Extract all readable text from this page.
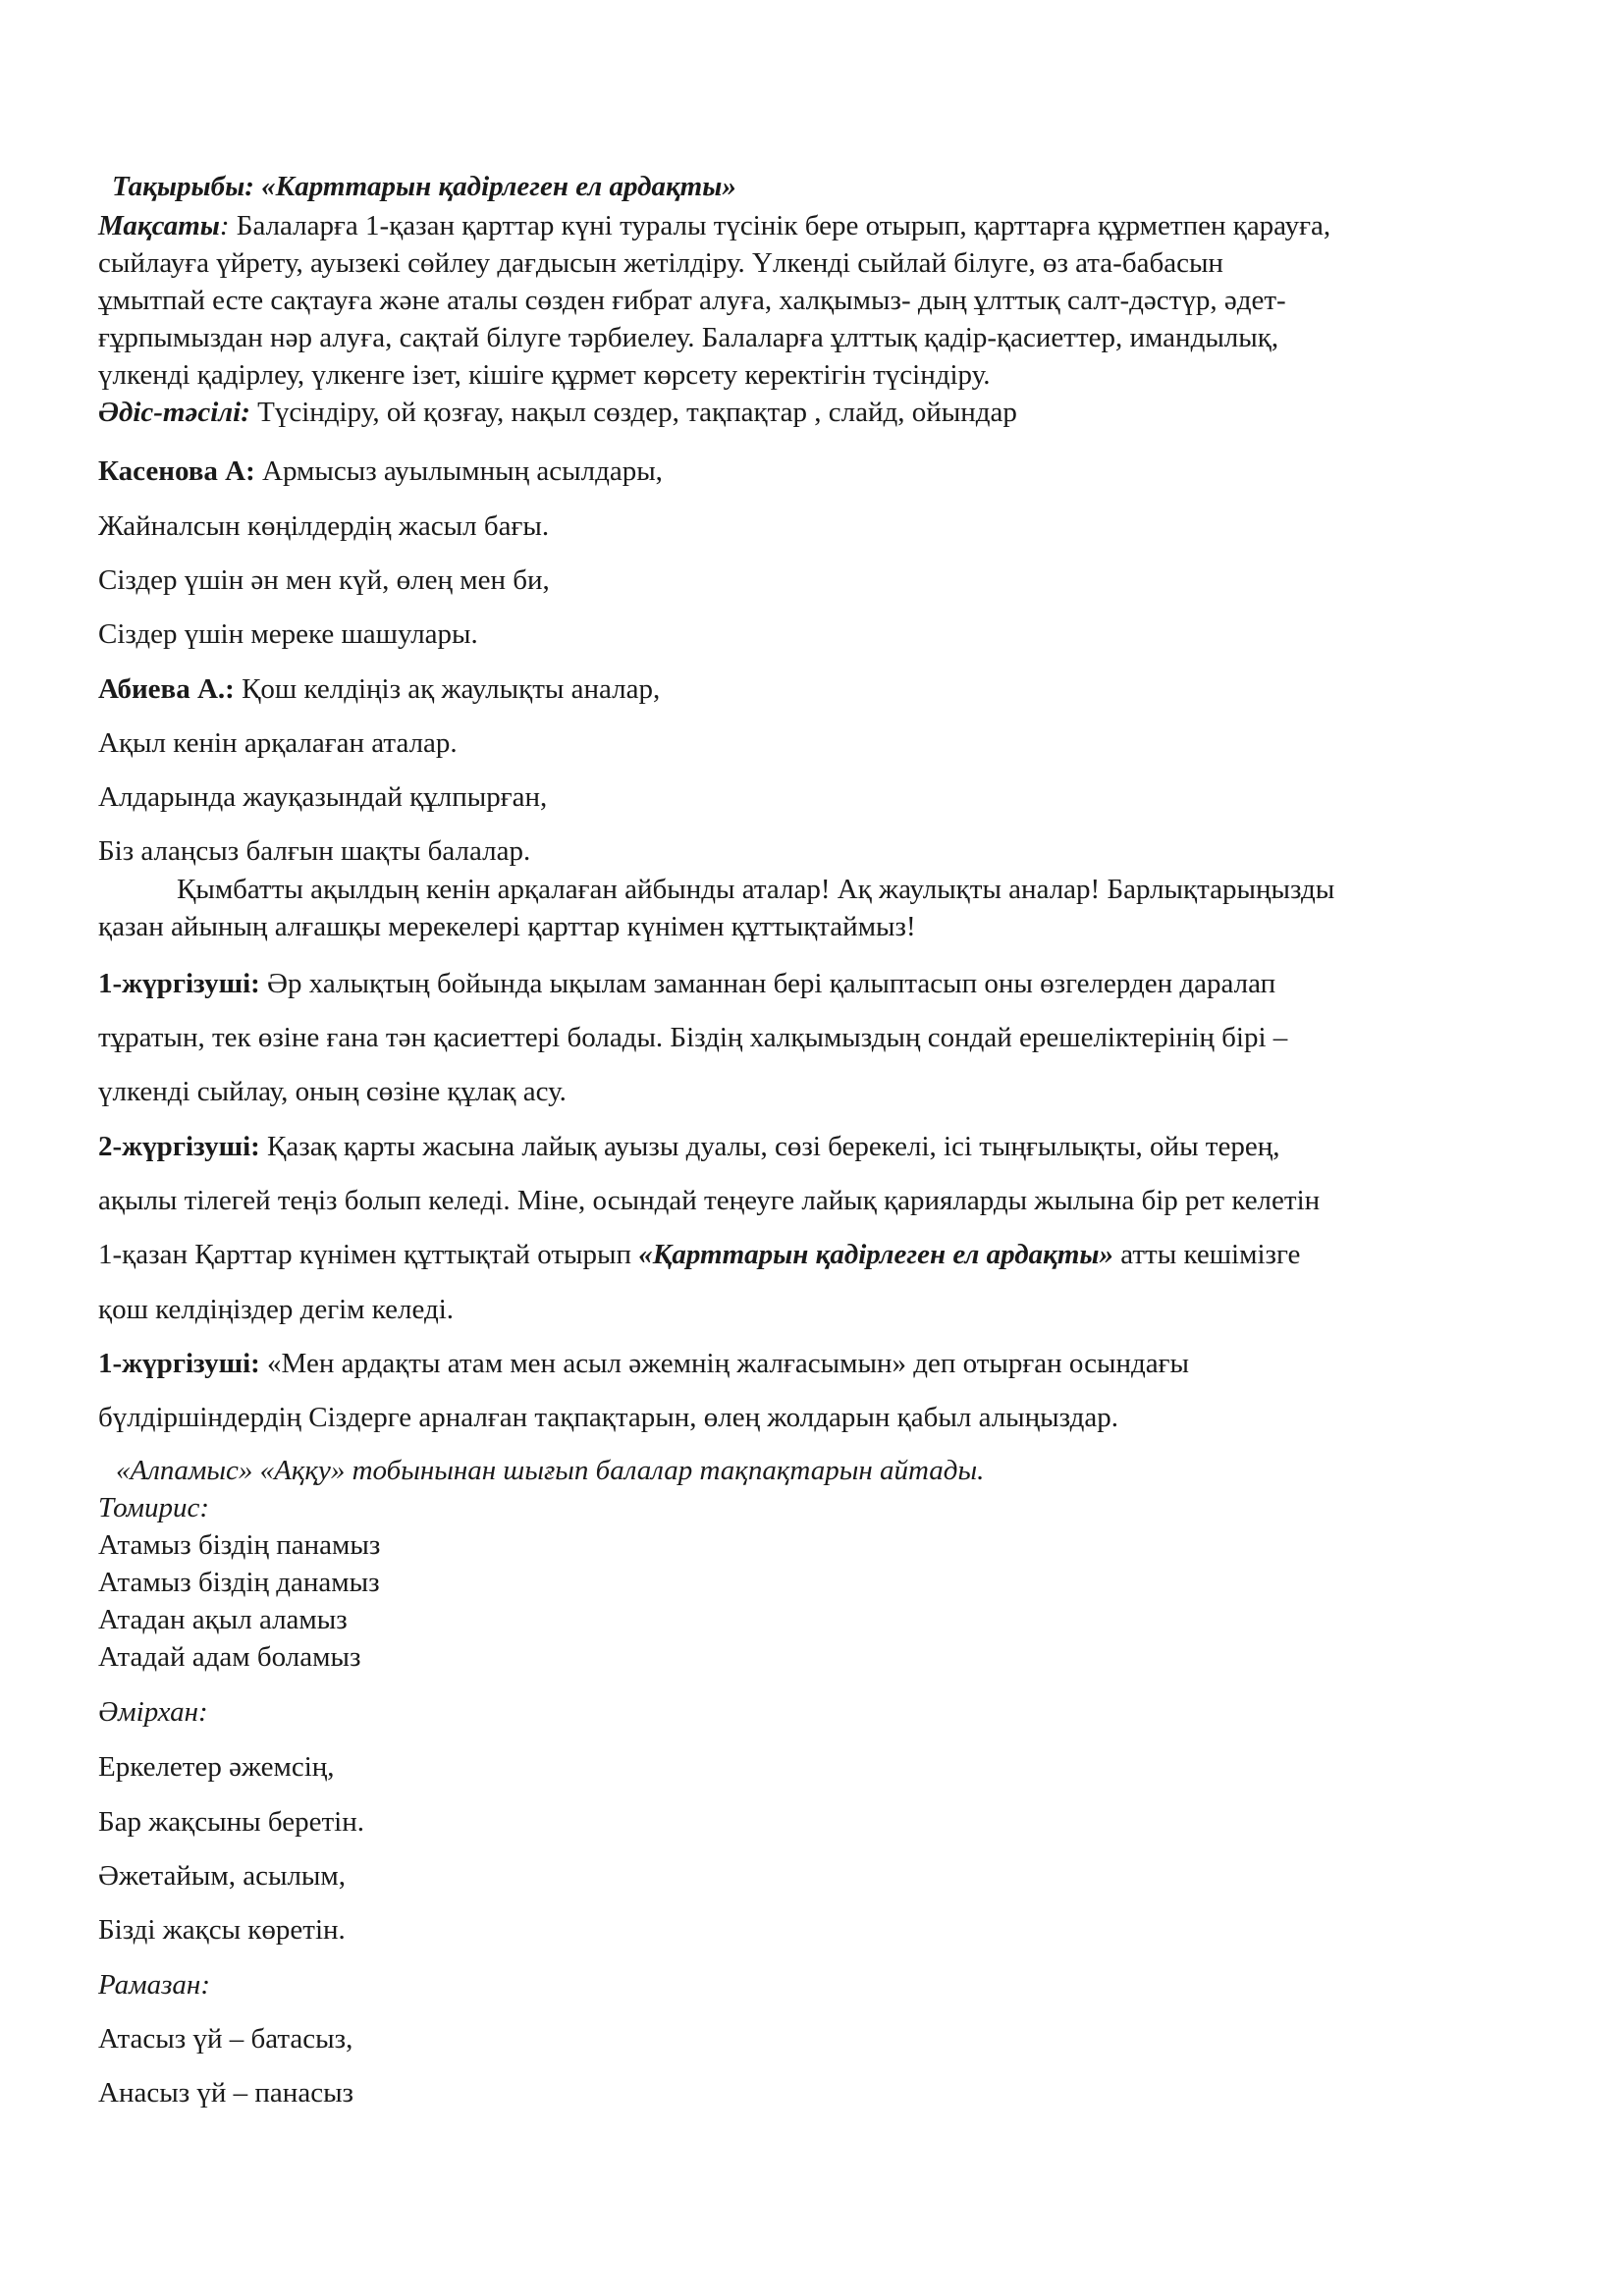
Тақырыбы: «Карттарын қадірлеген ел ардақты»
Мақсаты: Балаларға 1-қазан қарттар күні туралы түсінік бере отырып, қарттарға құрметпен қарауға,
сыйлауға үйрету, ауызекі сөйлеу дағдысын жетілдіру. Үлкенді сыйлай білуге, өз ата-бабасын
ұмытпай есте сақтауға және аталы сөзден ғибрат алуға, халқымыз- дың ұлттық салт-дәстүр, әдет-
ғұрпымыздан нәр алуға, сақтай білуге тәрбиелеу. Балаларға ұлттық қадір-қасиеттер, имандылық,
үлкенді қадірлеу, үлкенге ізет, кішіге құрмет көрсету керектігін түсіндіру.
Әдіс-тәсілі: Түсіндіру, ой қозғау, нақыл сөздер, тақпақтар , слайд, ойындар
Касенова А: Армысыз ауылымның асылдары,
Жайналсын көңілдердің жасыл бағы.
Сіздер үшін ән мен күй, өлең мен би,
Сіздер үшін мереке шашулары.
Абиева А.: Қош келдіңіз ақ жаулықты аналар,
Ақыл кенін арқалаған аталар.
Алдарында жауқазындай құлпырған,
Біз алаңсыз балғын шақты балалар.
Қымбатты ақылдың кенін арқалаған айбынды аталар! Ақ жаулықты аналар! Барлықтарыңызды
қазан айының алғашқы мерекелері қарттар күнімен құттықтаймыз!
1-жүргізуші: Әр халықтың бойында ықылам заманнан бері қалыптасып оны өзгелерден даралап
тұратын, тек өзіне ғана тән қасиеттері болады. Біздің халқымыздың сондай ерешеліктерінің бірі –
үлкенді сыйлау, оның сөзіне құлақ асу.
2-жүргізуші: Қазақ қарты жасына лайық ауызы дуалы, сөзі берекелі, ісі тыңғылықты, ойы терең,
ақылы тілегей теңіз болып келеді. Міне, осындай теңеуге лайық қарияларды жылына бір рет келетін
1-қазан Қарттар күнімен құттықтай отырып «Қарттарын қадірлеген ел ардақты» атты кешімізге
қош келдіңіздер дегім келеді.
1-жүргізуші: «Мен ардақты атам мен асыл әжемнің жалғасымын» деп отырған осындағы
бүлдіршіндердің Сіздерге арналған тақпақтарын, өлең жолдарын қабыл алыңыздар.
«Алпамыс» «Аққу» тобынынан шығып балалар тақпақтарын айтады.
Томирис:
Атамыз біздің панамыз
Атамыз біздің данамыз
Атадан ақыл аламыз
Атадай адам боламыз
Әмірхан:
Еркелетер әжемсің,
Бар жақсыны беретін.
Әжетайым, асылым,
Бізді жақсы көретін.
Рамазан:
Атасыз үй – батасыз,
Анасыз үй – панасыз
